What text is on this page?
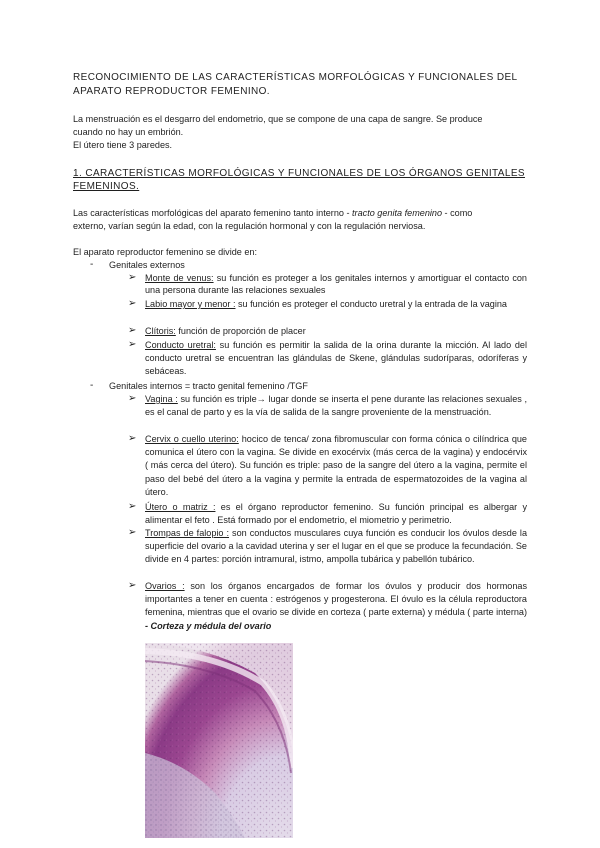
RECONOCIMIENTO DE LAS CARACTERÍSTICAS MORFOLÓGICAS Y FUNCIONALES DEL
APARATO REPRODUCTOR FEMENINO.
La menstruación es el desgarro del endometrio, que se compone de una capa de sangre. Se produce
cuando no hay un embrión.
El útero tiene 3 paredes.
1. CARACTERÍSTICAS MORFOLÓGICAS Y FUNCIONALES DE LOS ÓRGANOS GENITALES
FEMENINOS.
Las características morfológicas del aparato femenino tanto interno - tracto genita femenino - como
externo, varían según la edad, con la regulación hormonal y con la regulación nerviosa.
El aparato reproductor femenino se divide en:
- Genitales externos
➢ Monte de venus: su función es proteger a los genitales internos y amortiguar el contacto con una persona durante las relaciones sexuales
➢ Labio mayor y menor : su función es proteger el conducto uretral y la entrada de la vagina
➢ Clítoris: función de proporción de placer
➢ Conducto uretral: su función es permitir la salida de la orina durante la micción. Al lado del conducto uretral se encuentran las glándulas de Skene, glándulas sudoríparas, odoríferas y sebáceas.
- Genitales internos = tracto genital femenino /TGF
➢ Vagina : su función es triple→ lugar donde se inserta el pene durante las relaciones sexuales , es el canal de parto y es la vía de salida de la sangre proveniente de la menstruación.
➢ Cervix o cuello uterino: hocico de tenca/ zona fibromuscular con forma cónica o cilíndrica que comunica el útero con la vagina. Se divide en exocérvix (más cerca de la vagina) y endocérvix ( más cerca del útero). Su función es triple: paso de la sangre del útero a la vagina, permite el paso del bebé del útero a la vagina y permite la entrada de espermatozoides de la vagina al útero.
➢ Útero o matriz : es el órgano reproductor femenino. Su función principal es albergar y alimentar el feto . Está formado por el endometrio, el miometrio y perimetrio.
➢ Trompas de falopio : son conductos musculares cuya función es conducir los óvulos desde la superficie del ovario a la cavidad uterina y ser el lugar en el que se produce la fecundación. Se divide en 4 partes: porción intramural, istmo, ampolla tubárica y pabellón tubárico.
➢ Ovarios : son los órganos encargados de formar los óvulos y producir dos hormonas importantes a tener en cuenta : estrógenos y progesterona. El óvulo es la célula reproductora femenina, mientras que el ovario se divide en corteza ( parte externa) y médula ( parte interna) - Corteza y médula del ovario
